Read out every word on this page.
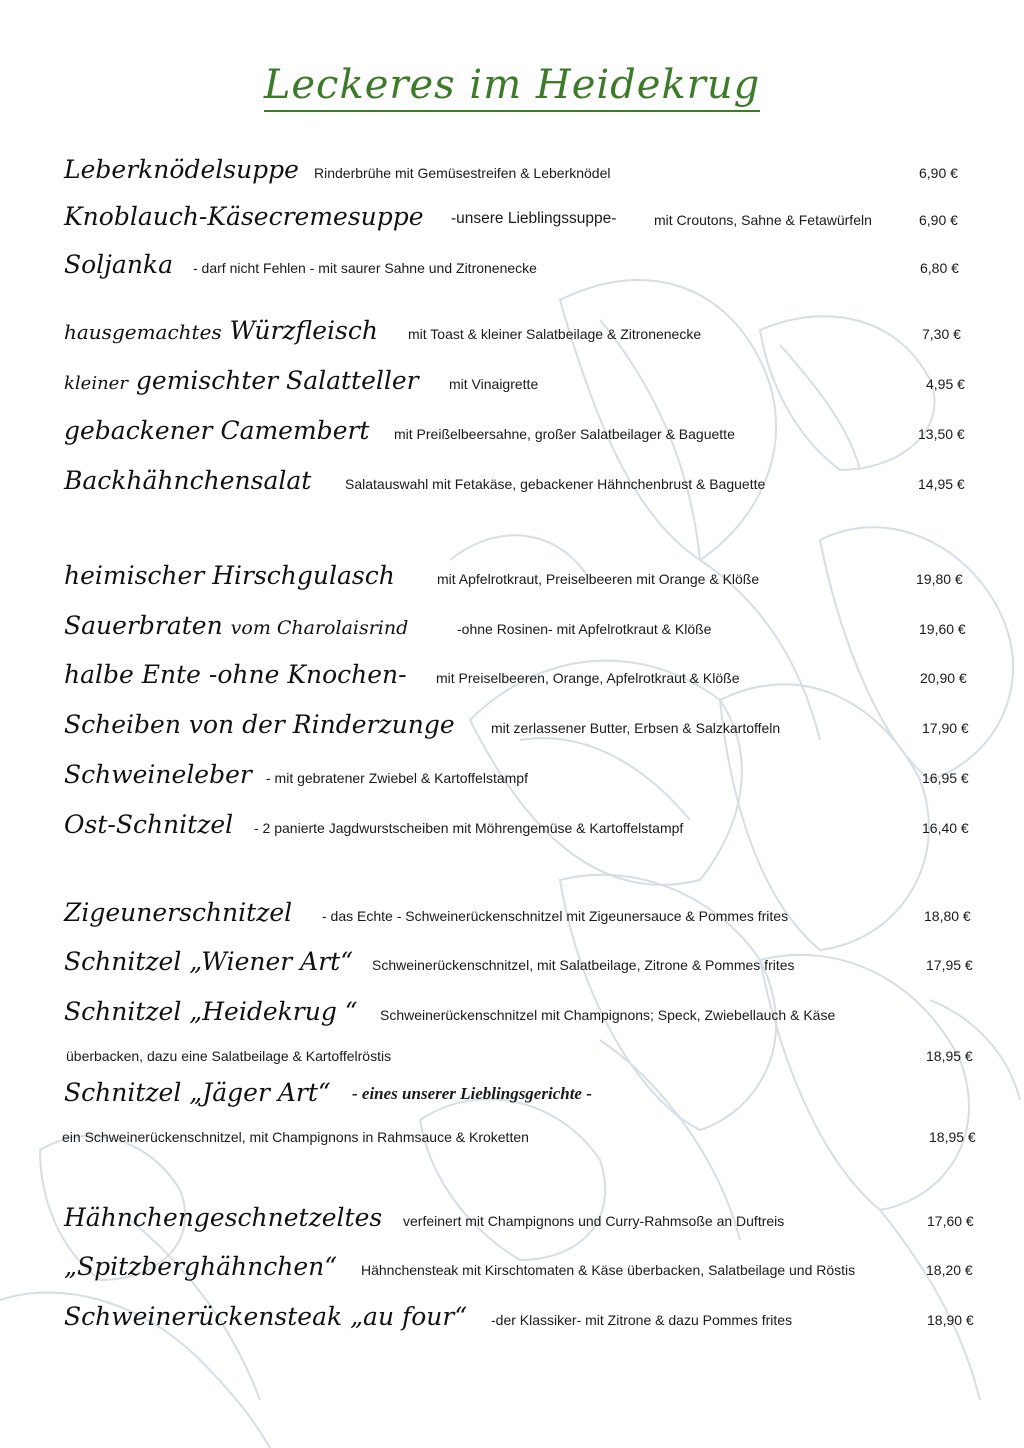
Leckeres im Heidekrug
Leberknödelsuppe Rinderbrühe mit Gemüsestreifen & Leberknödel	6,90 €
Knoblauch-Käsecremesuppe -unsere Lieblingssuppe-	mit Croutons, Sahne & Fetawürfeln	6,90 €
Soljanka - darf nicht Fehlen - mit saurer Sahne und Zitronenecke	6,80 €
hausgemachtes Würzfleisch mit Toast & kleiner Salatbeilage & Zitronenecke	7,30 €
kleiner gemischter Salatteller mit Vinaigrette	4,95 €
gebackener Camembert mit Preißelbeersahne, großer Salatbeilager & Baguette	13,50 €
Backhähnchensalat Salatauswahl mit Fetakäse, gebackener Hähnchenbrust & Baguette	14,95 €
heimischer Hirschgulasch	mit Apfelrotkraut, Preiselbeeren mit Orange & Klöße	19,80 €
Sauerbraten vom Charolaisrind	-ohne Rosinen- mit Apfelrotkraut & Klöße	19,60 €
halbe Ente -ohne Knochen- mit Preiselbeeren, Orange, Apfelrotkraut & Klöße	20,90 €
Scheiben von der Rinderzunge	mit zerlassener Butter, Erbsen & Salzkartoffeln	17,90 €
Schweineleber - mit gebratener Zwiebel & Kartoffelstampf	16,95 €
Ost-Schnitzel - 2 panierte Jagdwurstscheiben mit Möhrengemüse & Kartoffelstampf	16,40 €
Zigeunerschnitzel - das Echte - Schweinerückenschnitzel mit Zigeunersauce & Pommes frites	18,80 €
Schnitzel „Wiener Art“ Schweinerückenschnitzel, mit Salatbeilage, Zitrone & Pommes frites	17,95 €
Schnitzel „Heidekrug “ Schweinerückenschnitzel mit Champignons; Speck, Zwiebellauch & Käse
überbacken, dazu eine Salatbeilage & Kartoffelröstis	18,95 €
Schnitzel „Jäger Art“ - eines unserer Lieblingsgerichte -
ein Schweinerückenschnitzel, mit Champignons in Rahmsauce & Kroketten	18,95 €
Hähnchengeschnetzeltes verfeinert mit Champignons und Curry-Rahmsoße an Duftreis	17,60 €
„Spitzberghähnchen“ Hähnchensteak mit Kirschtomaten & Käse überbacken, Salatbeilage und Röstis	18,20 €
Schweinerückensteak „au four“ -der Klassiker- mit Zitrone & dazu Pommes frites	18,90 €
